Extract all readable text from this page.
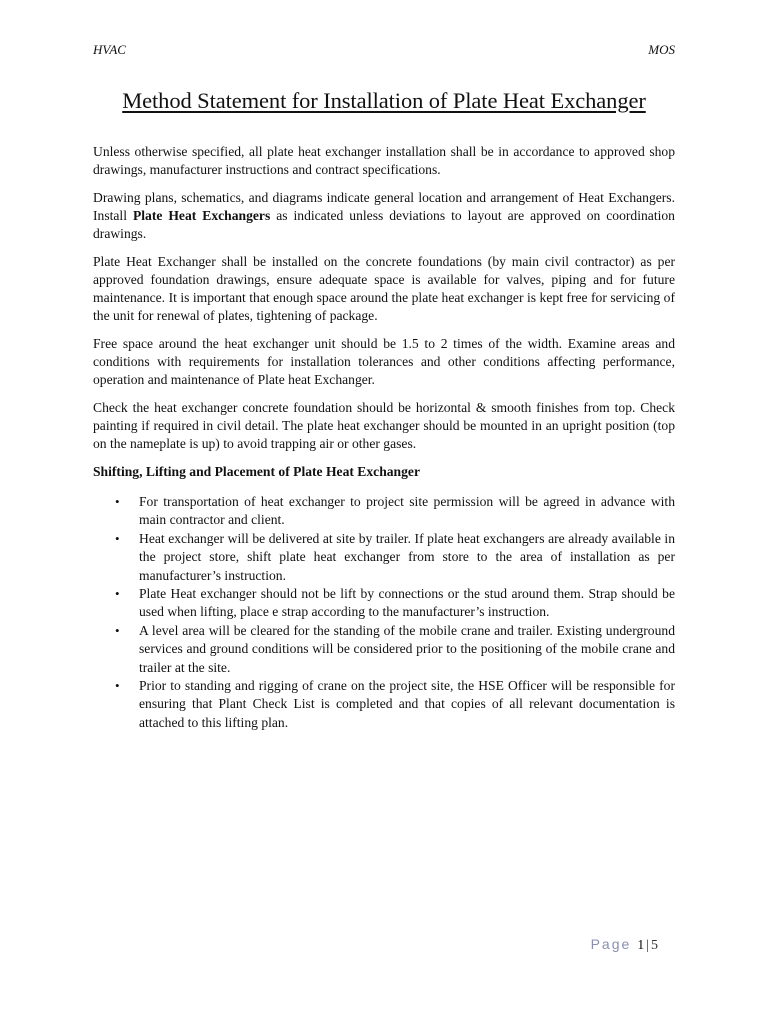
HVAC	MOS
Method Statement for Installation of Plate Heat Exchanger

Unless otherwise specified, all plate heat exchanger installation shall be in accordance to approved shop drawings, manufacturer instructions and contract specifications.

Drawing plans, schematics, and diagrams indicate general location and arrangement of Heat Exchangers. Install Plate Heat Exchangers as indicated unless deviations to layout are approved on coordination drawings.

Plate Heat Exchanger shall be installed on the concrete foundations (by main civil contractor) as per approved foundation drawings, ensure adequate space is available for valves, piping and for future maintenance. It is important that enough space around the plate heat exchanger is kept free for servicing of the unit for renewal of plates, tightening of package.

Free space around the heat exchanger unit should be 1.5 to 2 times of the width. Examine areas and conditions with requirements for installation tolerances and other conditions affecting performance, operation and maintenance of Plate heat Exchanger.

Check the heat exchanger concrete foundation should be horizontal & smooth finishes from top. Check painting if required in civil detail. The plate heat exchanger should be mounted in an upright position (top on the nameplate is up) to avoid trapping air or other gases.

Shifting, Lifting and Placement of Plate Heat Exchanger
• For transportation of heat exchanger to project site permission will be agreed in advance with main contractor and client.
• Heat exchanger will be delivered at site by trailer. If plate heat exchangers are already available in the project store, shift plate heat exchanger from store to the area of installation as per manufacturer’s instruction.
• Plate Heat exchanger should not be lift by connections or the stud around them. Strap should be used when lifting, place e strap according to the manufacturer’s instruction.
• A level area will be cleared for the standing of the mobile crane and trailer. Existing underground services and ground conditions will be considered prior to the positioning of the mobile crane and trailer at the site.
• Prior to standing and rigging of crane on the project site, the HSE Officer will be responsible for ensuring that Plant Check List is completed and that copies of all relevant documentation is attached to this lifting plan.
Page 1 | 5
